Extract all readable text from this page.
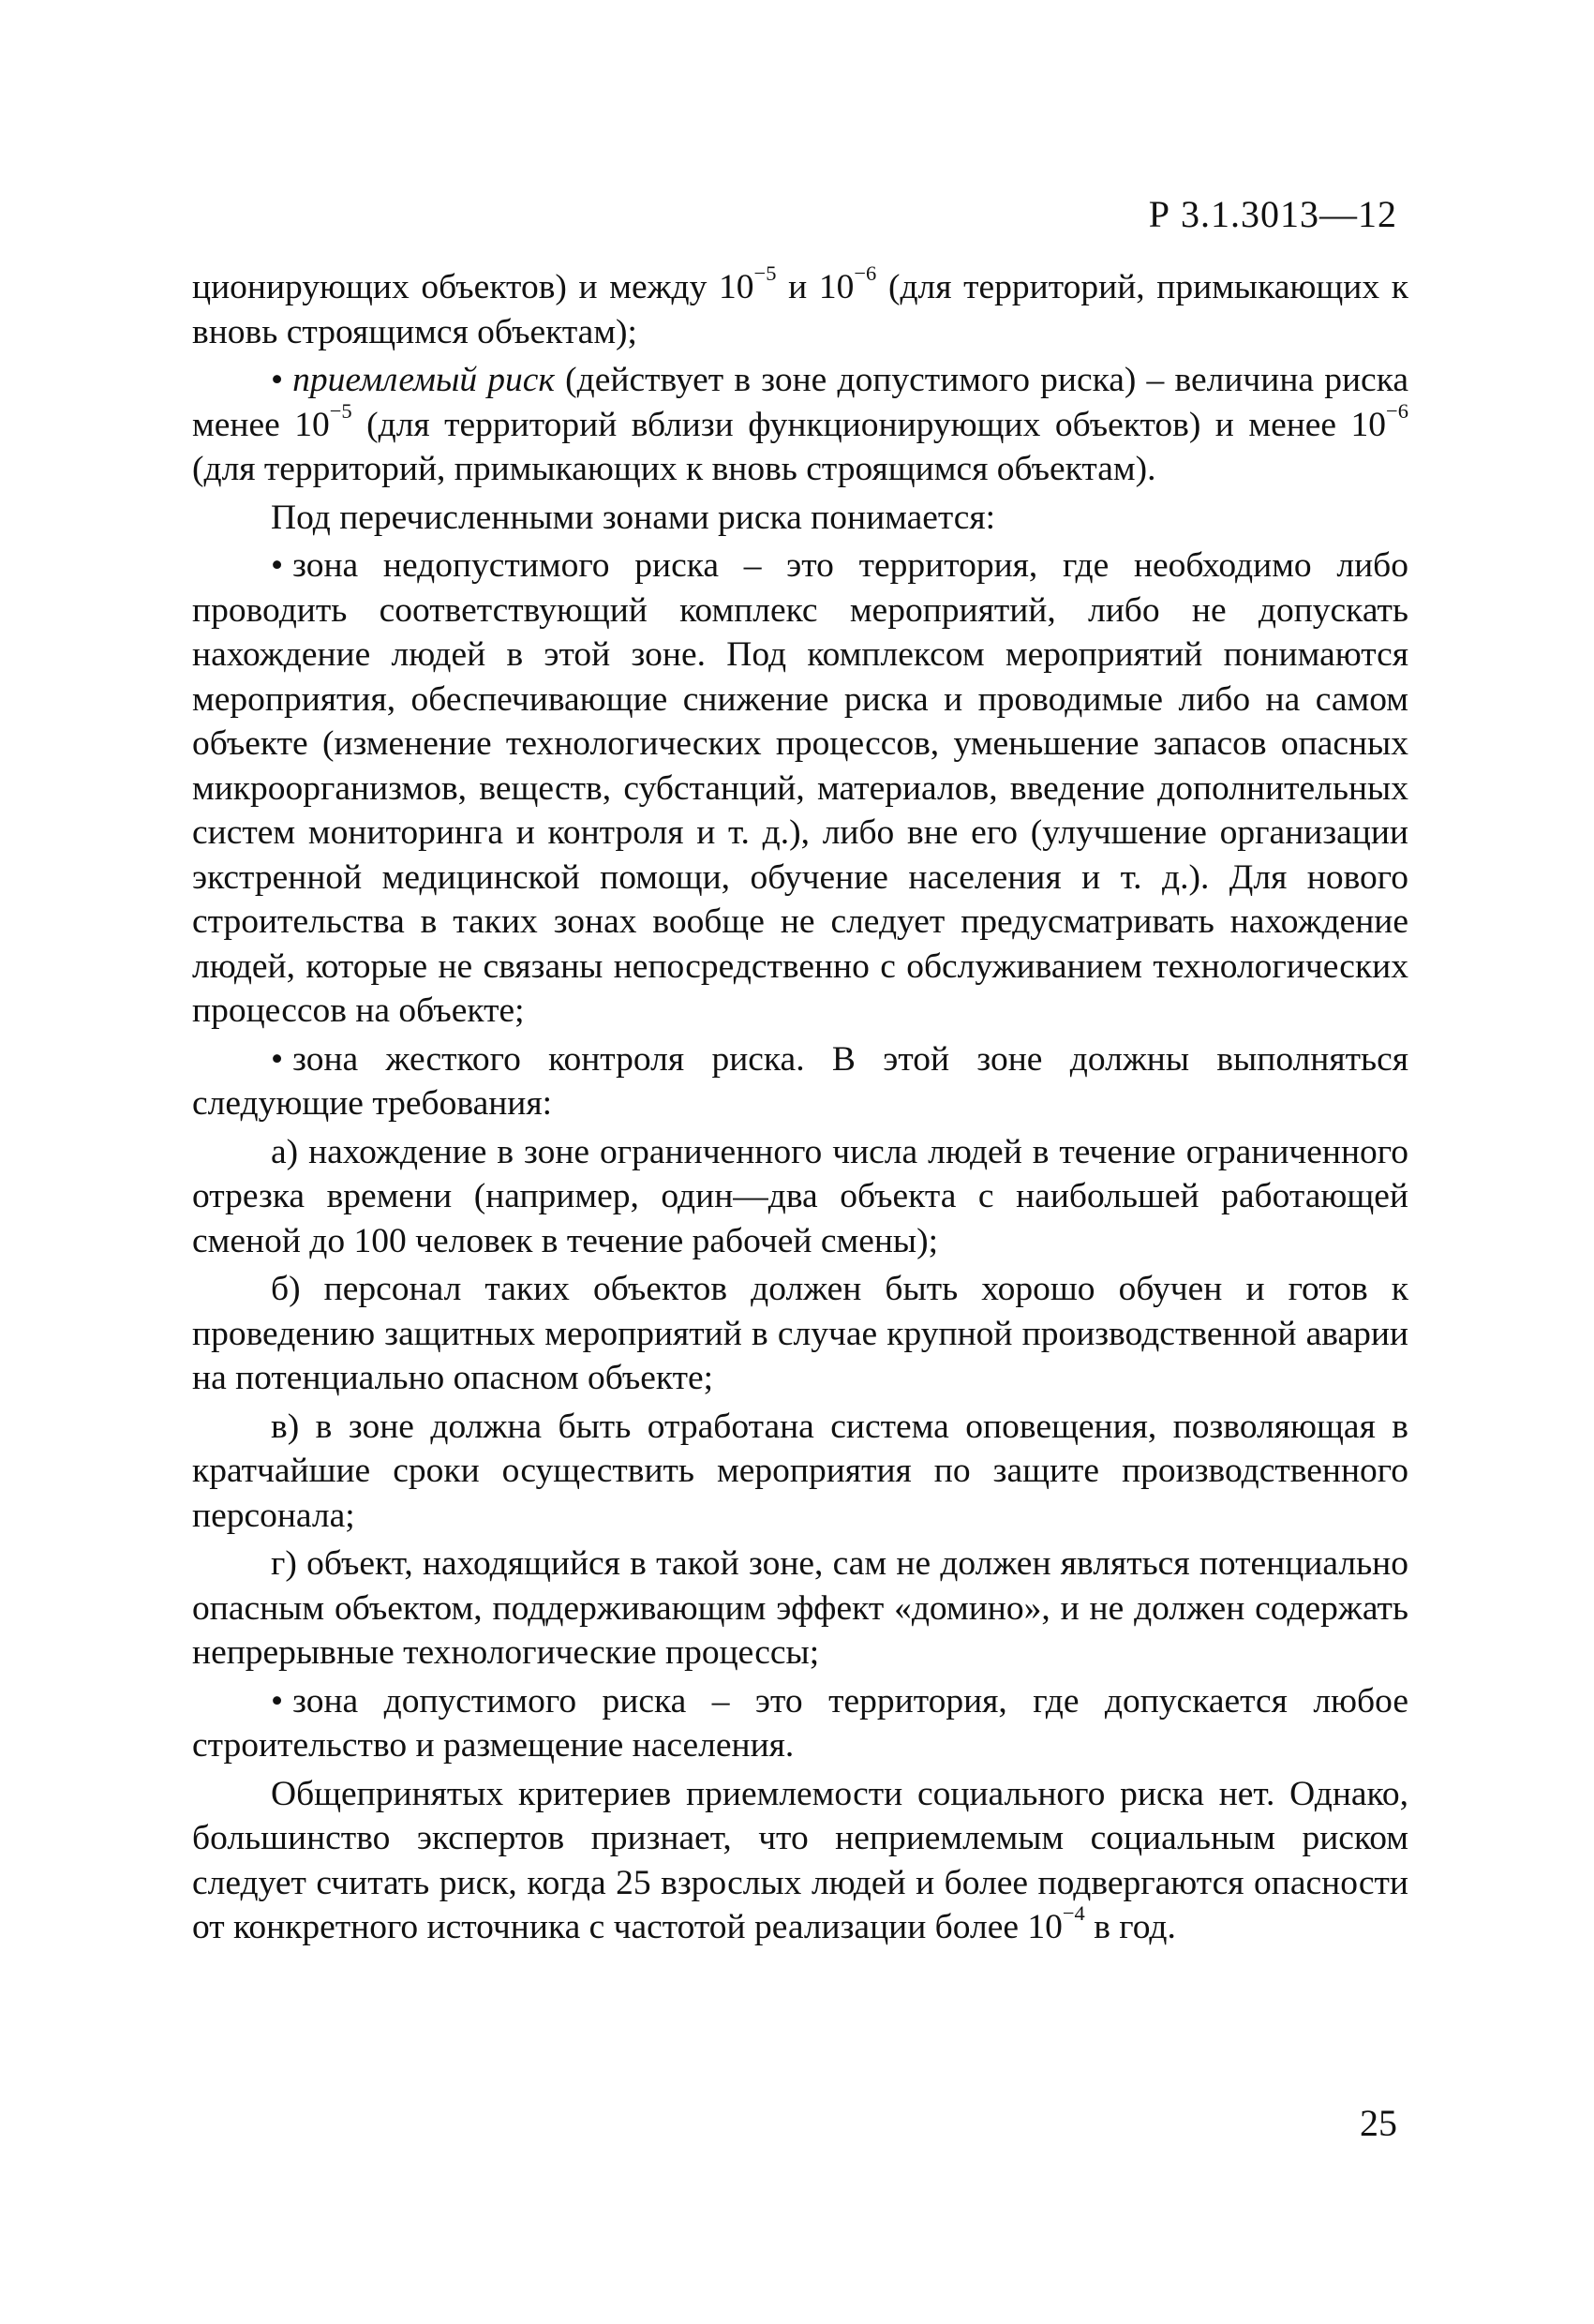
Р 3.1.3013—12

ционирующих объектов) и между $10^{-5}$ и $10^{-6}$ (для территорий, примыкающих к вновь строящимся объектам);

• приемлемый риск (действует в зоне допустимого риска) – величина риска менее $10^{-5}$ (для территорий вблизи функционирующих объектов) и менее $10^{-6}$ (для территорий, примыкающих к вновь строящимся объектам).

Под перечисленными зонами риска понимается:

• зона недопустимого риска – это территория, где необходимо либо проводить соответствующий комплекс мероприятий, либо не допускать нахождение людей в этой зоне. Под комплексом мероприятий понимаются мероприятия, обеспечивающие снижение риска и проводимые либо на самом объекте (изменение технологических процессов, уменьшение запасов опасных микроорганизмов, веществ, субстанций, материалов, введение дополнительных систем мониторинга и контроля и т. д.), либо вне его (улучшение организации экстренной медицинской помощи, обучение населения и т. д.). Для нового строительства в таких зонах вообще не следует предусматривать нахождение людей, которые не связаны непосредственно с обслуживанием технологических процессов на объекте;

• зона жесткого контроля риска. В этой зоне должны выполняться следующие требования:

а) нахождение в зоне ограниченного числа людей в течение ограниченного отрезка времени (например, один—два объекта с наибольшей работающей сменой до 100 человек в течение рабочей смены);

б) персонал таких объектов должен быть хорошо обучен и готов к проведению защитных мероприятий в случае крупной производственной аварии на потенциально опасном объекте;

в) в зоне должна быть отработана система оповещения, позволяющая в кратчайшие сроки осуществить мероприятия по защите производственного персонала;

г) объект, находящийся в такой зоне, сам не должен являться потенциально опасным объектом, поддерживающим эффект «домино», и не должен содержать непрерывные технологические процессы;

• зона допустимого риска – это территория, где допускается любое строительство и размещение населения.

Общепринятых критериев приемлемости социального риска нет. Однако, большинство экспертов признает, что неприемлемым социальным риском следует считать риск, когда 25 взрослых людей и более подвергаются опасности от конкретного источника с частотой реализации более $10^{-4}$ в год.

25
